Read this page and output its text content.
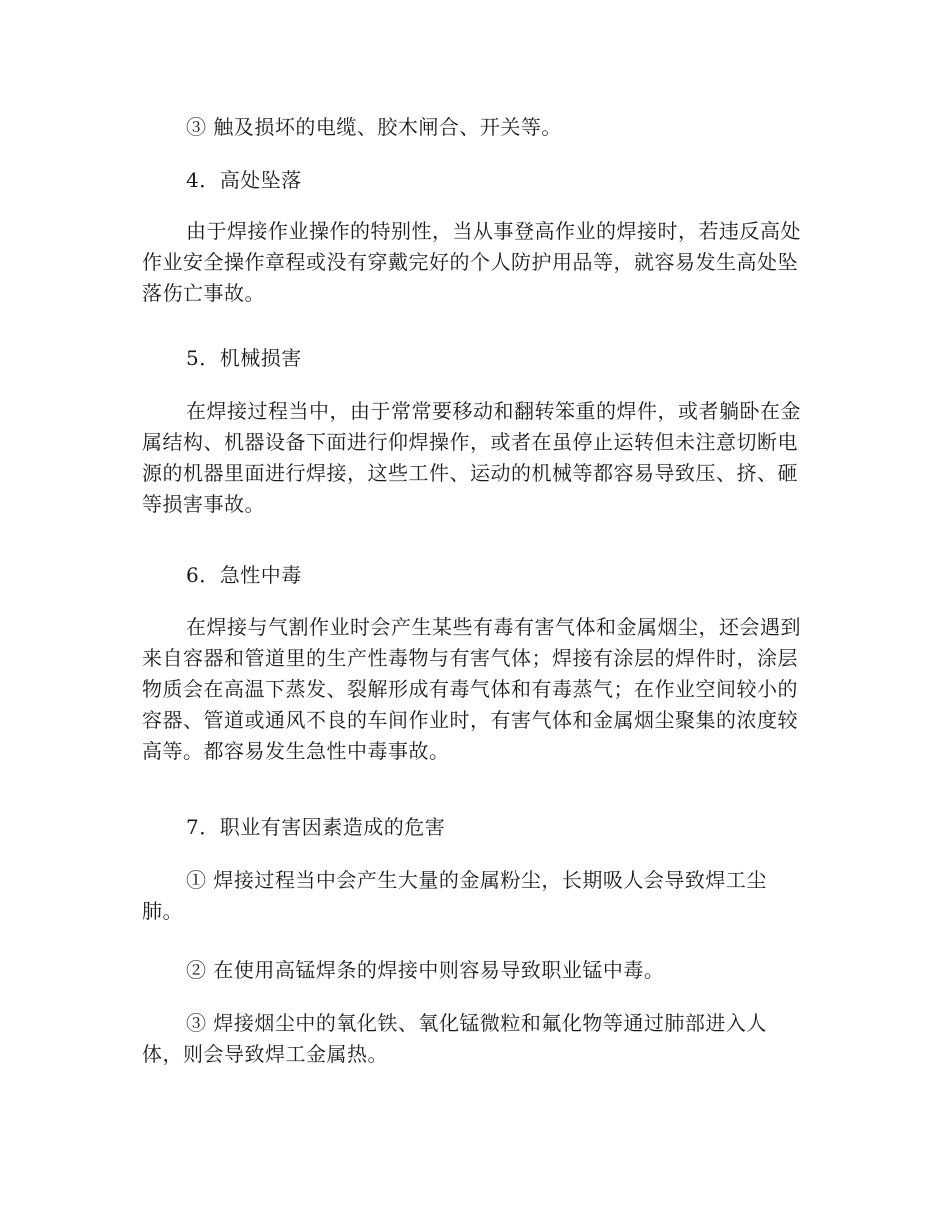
③ 触及损坏的电缆、胶木闸合、开关等。

4．高处坠落

由于焊接作业操作的特别性，当从事登高作业的焊接时，若违反高处作业安全操作章程或没有穿戴完好的个人防护用品等，就容易发生高处坠落伤亡事故。

5．机械损害

在焊接过程当中，由于常常要移动和翻转笨重的焊件，或者躺卧在金属结构、机器设备下面进行仰焊操作，或者在虽停止运转但未注意切断电源的机器里面进行焊接，这些工件、运动的机械等都容易导致压、挤、砸等损害事故。

6．急性中毒

在焊接与气割作业时会产生某些有毒有害气体和金属烟尘，还会遇到来自容器和管道里的生产性毒物与有害气体；焊接有涂层的焊件时，涂层物质会在高温下蒸发、裂解形成有毒气体和有毒蒸气；在作业空间较小的容器、管道或通风不良的车间作业时，有害气体和金属烟尘聚集的浓度较高等。都容易发生急性中毒事故。

7．职业有害因素造成的危害

① 焊接过程当中会产生大量的金属粉尘，长期吸人会导致焊工尘肺。

② 在使用高锰焊条的焊接中则容易导致职业锰中毒。

③ 焊接烟尘中的氧化铁、氧化锰微粒和氟化物等通过肺部进入人体，则会导致焊工金属热。
